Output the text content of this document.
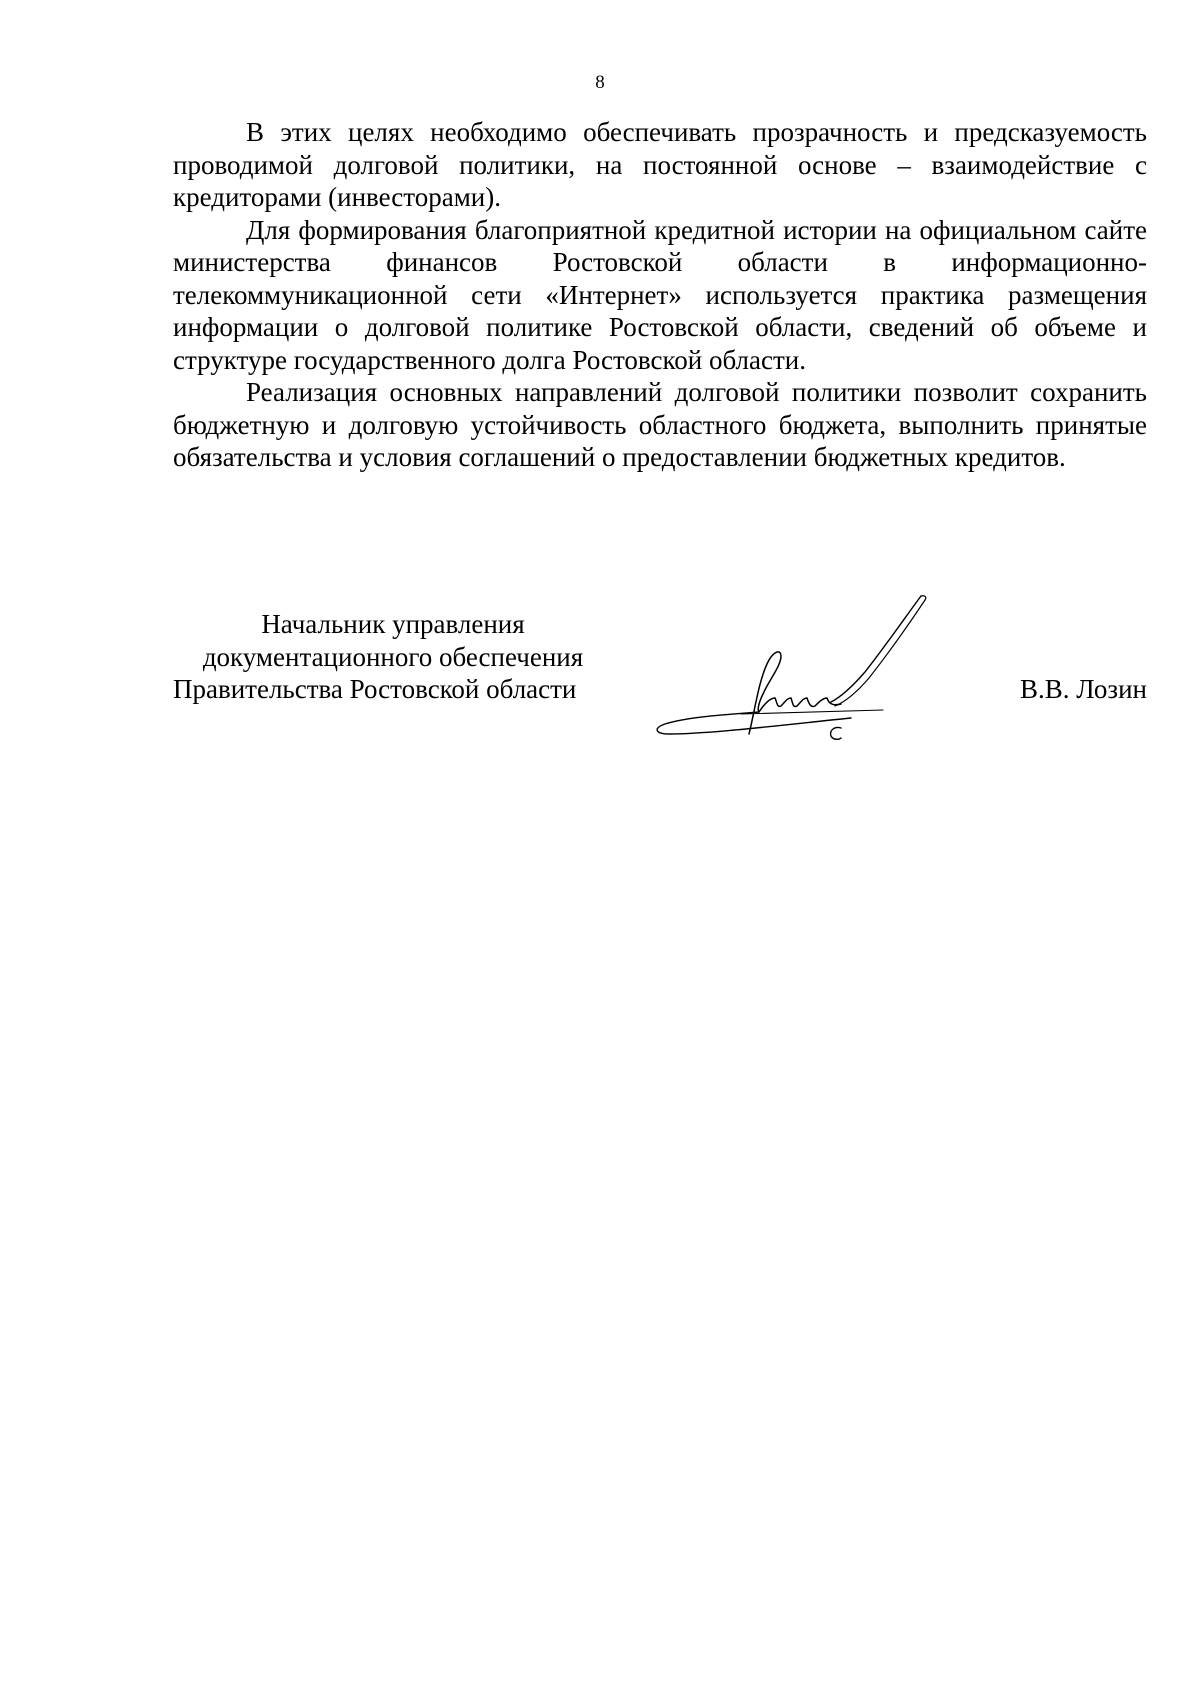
8

В этих целях необходимо обеспечивать прозрачность и предсказуемость проводимой долговой политики, на постоянной основе – взаимодействие с кредиторами (инвесторами).

Для формирования благоприятной кредитной истории на официальном сайте министерства финансов Ростовской области в информационно-телекоммуникационной сети «Интернет» используется практика размещения информации о долговой политике Ростовской области, сведений об объеме и структуре государственного долга Ростовской области.

Реализация основных направлений долговой политики позволит сохранить бюджетную и долговую устойчивость областного бюджета, выполнить принятые обязательства и условия соглашений о предоставлении бюджетных кредитов.

Начальник управления
документационного обеспечения
Правительства Ростовской области	В.В. Лозин
